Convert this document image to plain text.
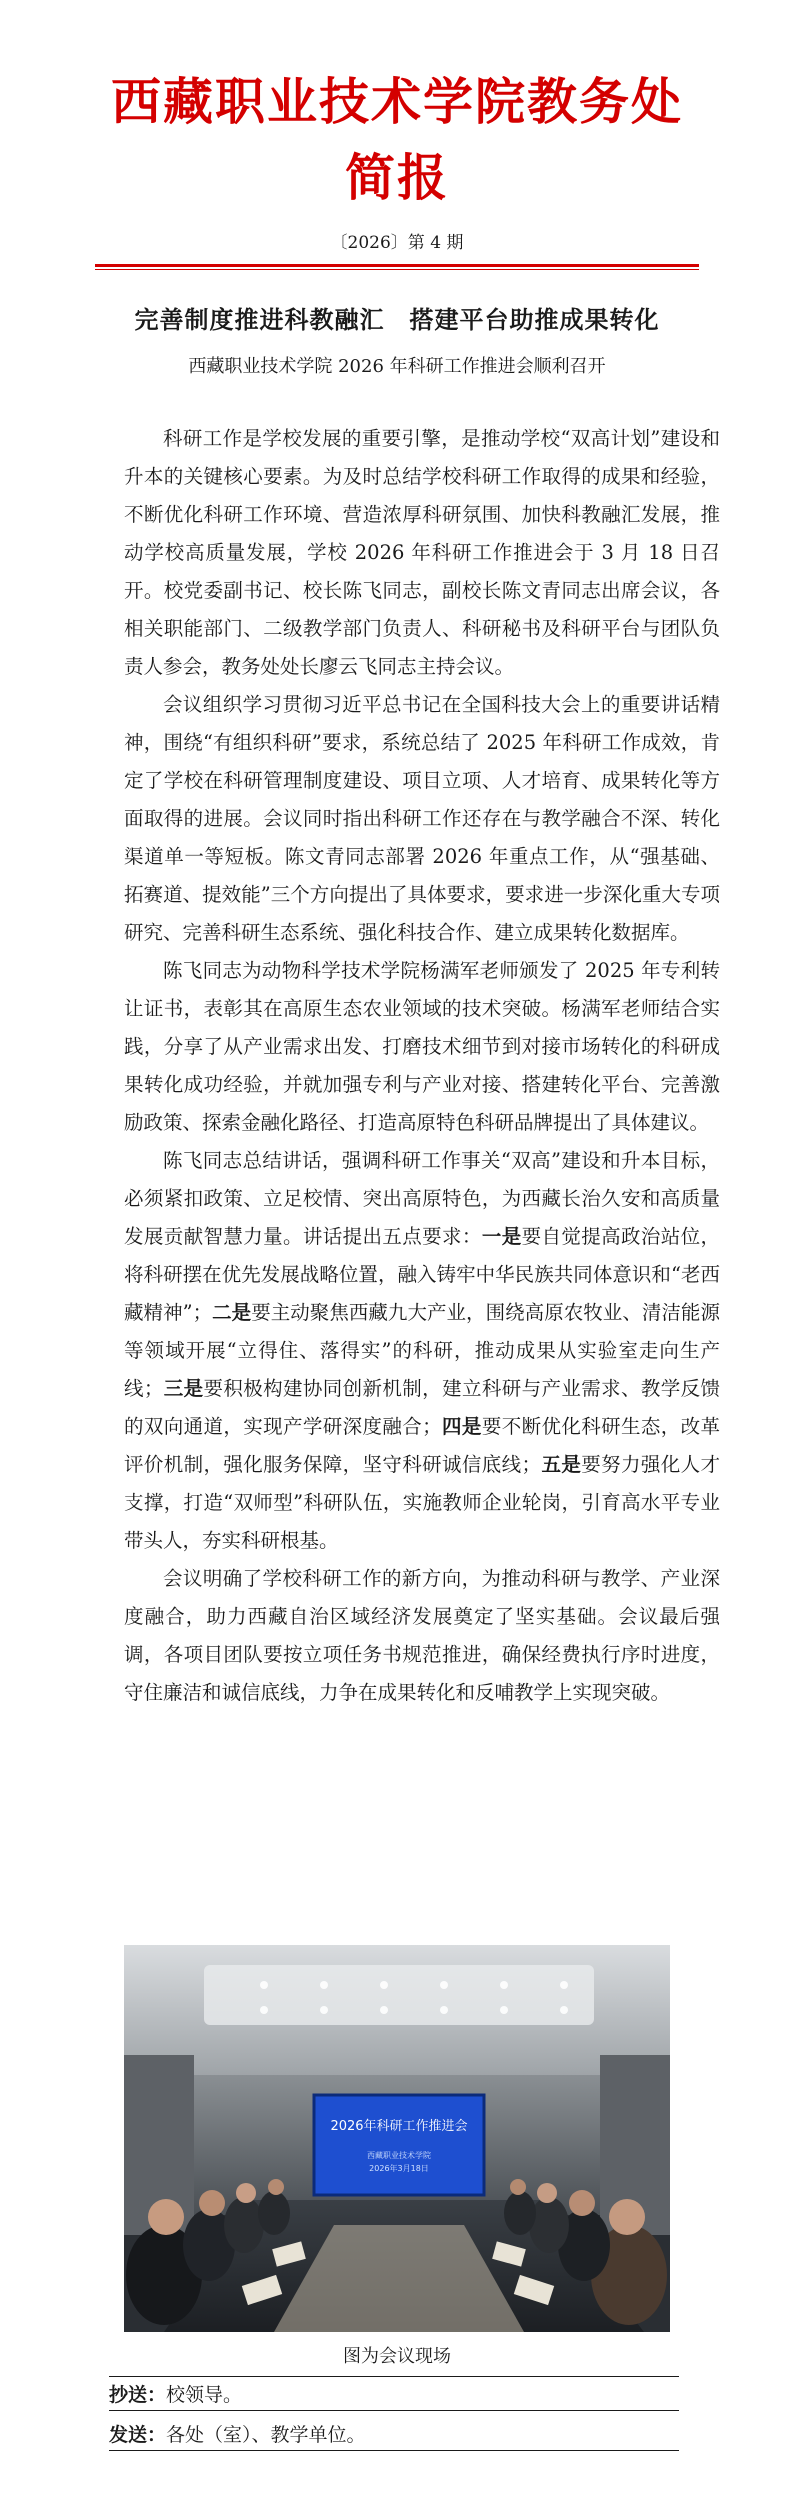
西藏职业技术学院教务处
简报
〔2026〕第 4 期
完善制度推进科教融汇　搭建平台助推成果转化
西藏职业技术学院 2026 年科研工作推进会顺利召开

科研工作是学校发展的重要引擎，是推动学校“双高计划”建设和升本的关键核心要素。为及时总结学校科研工作取得的成果和经验，不断优化科研工作环境、营造浓厚科研氛围、加快科教融汇发展，推动学校高质量发展，学校 2026 年科研工作推进会于 3 月 18 日召开。校党委副书记、校长陈飞同志，副校长陈文青同志出席会议，各相关职能部门、二级教学部门负责人、科研秘书及科研平台与团队负责人参会，教务处处长廖云飞同志主持会议。

会议组织学习贯彻习近平总书记在全国科技大会上的重要讲话精神，围绕“有组织科研”要求，系统总结了 2025 年科研工作成效，肯定了学校在科研管理制度建设、项目立项、人才培育、成果转化等方面取得的进展。会议同时指出科研工作还存在与教学融合不深、转化渠道单一等短板。陈文青同志部署 2026 年重点工作，从“强基础、拓赛道、提效能”三个方向提出了具体要求，要求进一步深化重大专项研究、完善科研生态系统、强化科技合作、建立成果转化数据库。

陈飞同志为动物科学技术学院杨满军老师颁发了 2025 年专利转让证书，表彰其在高原生态农业领域的技术突破。杨满军老师结合实践，分享了从产业需求出发、打磨技术细节到对接市场转化的科研成果转化成功经验，并就加强专利与产业对接、搭建转化平台、完善激励政策、探索金融化路径、打造高原特色科研品牌提出了具体建议。

陈飞同志总结讲话，强调科研工作事关“双高”建设和升本目标，必须紧扣政策、立足校情、突出高原特色，为西藏长治久安和高质量发展贡献智慧力量。讲话提出五点要求：一是要自觉提高政治站位，将科研摆在优先发展战略位置，融入铸牢中华民族共同体意识和“老西藏精神”；二是要主动聚焦西藏九大产业，围绕高原农牧业、清洁能源等领域开展“立得住、落得实”的科研，推动成果从实验室走向生产线；三是要积极构建协同创新机制，建立科研与产业需求、教学反馈的双向通道，实现产学研深度融合；四是要不断优化科研生态，改革评价机制，强化服务保障，坚守科研诚信底线；五是要努力强化人才支撑，打造“双师型”科研队伍，实施教师企业轮岗，引育高水平专业带头人，夯实科研根基。

会议明确了学校科研工作的新方向，为推动科研与教学、产业深度融合，助力西藏自治区域经济发展奠定了坚实基础。会议最后强调，各项目团队要按立项任务书规范推进，确保经费执行序时进度，守住廉洁和诚信底线，力争在成果转化和反哺教学上实现突破。

2026年科研工作推进会
西藏职业技术学院
2026年3月18日
图为会议现场
抄送：校领导。
发送：各处（室）、教学单位。
